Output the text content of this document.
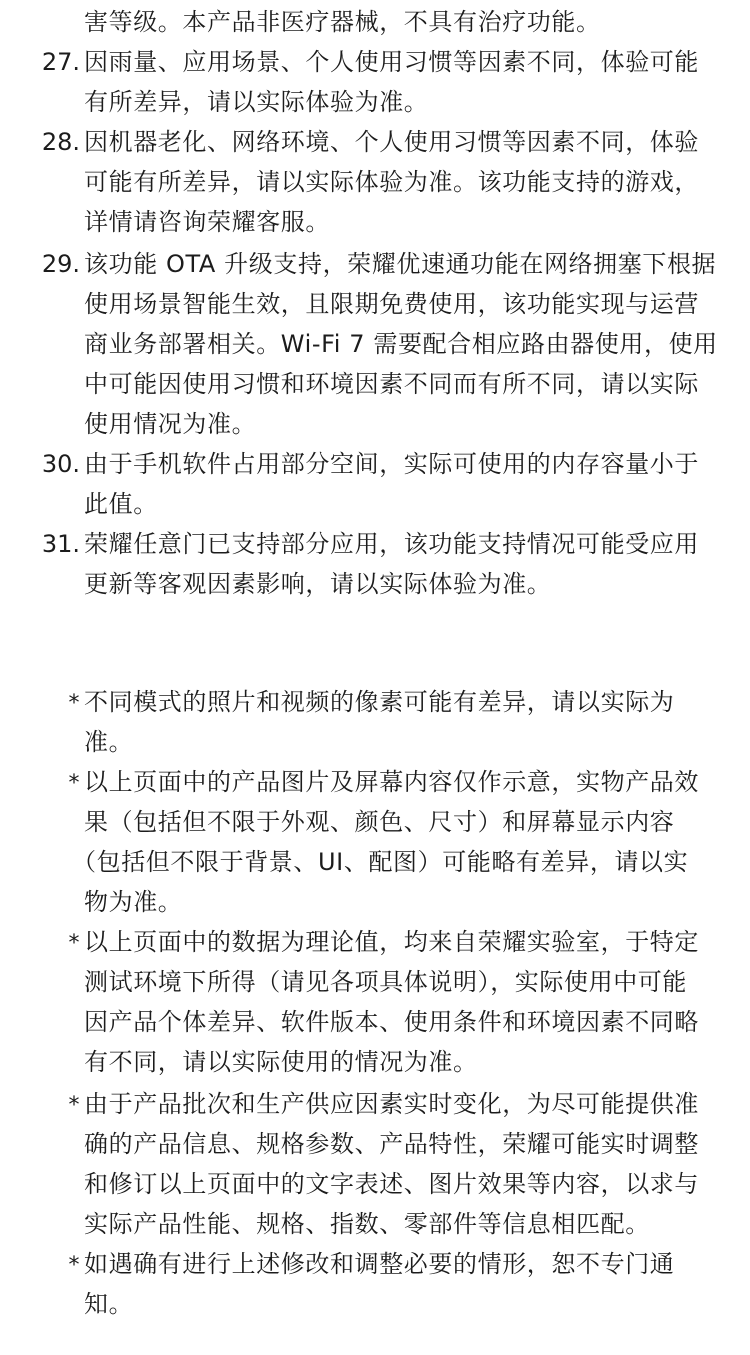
害等级。本产品非医疗器械，不具有治疗功能。
27. 因雨量、应用场景、个人使用习惯等因素不同，体验可能
有所差异，请以实际体验为准。
28. 因机器老化、网络环境、个人使用习惯等因素不同，体验
可能有所差异，请以实际体验为准。该功能支持的游戏，
详情请咨询荣耀客服。
29. 该功能 OTA 升级支持，荣耀优速通功能在网络拥塞下根据
使用场景智能生效，且限期免费使用，该功能实现与运营
商业务部署相关。Wi-Fi 7 需要配合相应路由器使用，使用
中可能因使用习惯和环境因素不同而有所不同，请以实际
使用情况为准。
30. 由于手机软件占用部分空间，实际可使用的内存容量小于
此值。
31. 荣耀任意门已支持部分应用，该功能支持情况可能受应用
更新等客观因素影响，请以实际体验为准。
* 不同模式的照片和视频的像素可能有差异，请以实际为
准。
* 以上页面中的产品图片及屏幕内容仅作示意，实物产品效
果（包括但不限于外观、颜色、尺寸）和屏幕显示内容
（包括但不限于背景、UI、配图）可能略有差异，请以实
物为准。
* 以上页面中的数据为理论值，均来自荣耀实验室，于特定
测试环境下所得（请见各项具体说明），实际使用中可能
因产品个体差异、软件版本、使用条件和环境因素不同略
有不同，请以实际使用的情况为准。
* 由于产品批次和生产供应因素实时变化，为尽可能提供准
确的产品信息、规格参数、产品特性，荣耀可能实时调整
和修订以上页面中的文字表述、图片效果等内容，以求与
实际产品性能、规格、指数、零部件等信息相匹配。
* 如遇确有进行上述修改和调整必要的情形，恕不专门通
知。
